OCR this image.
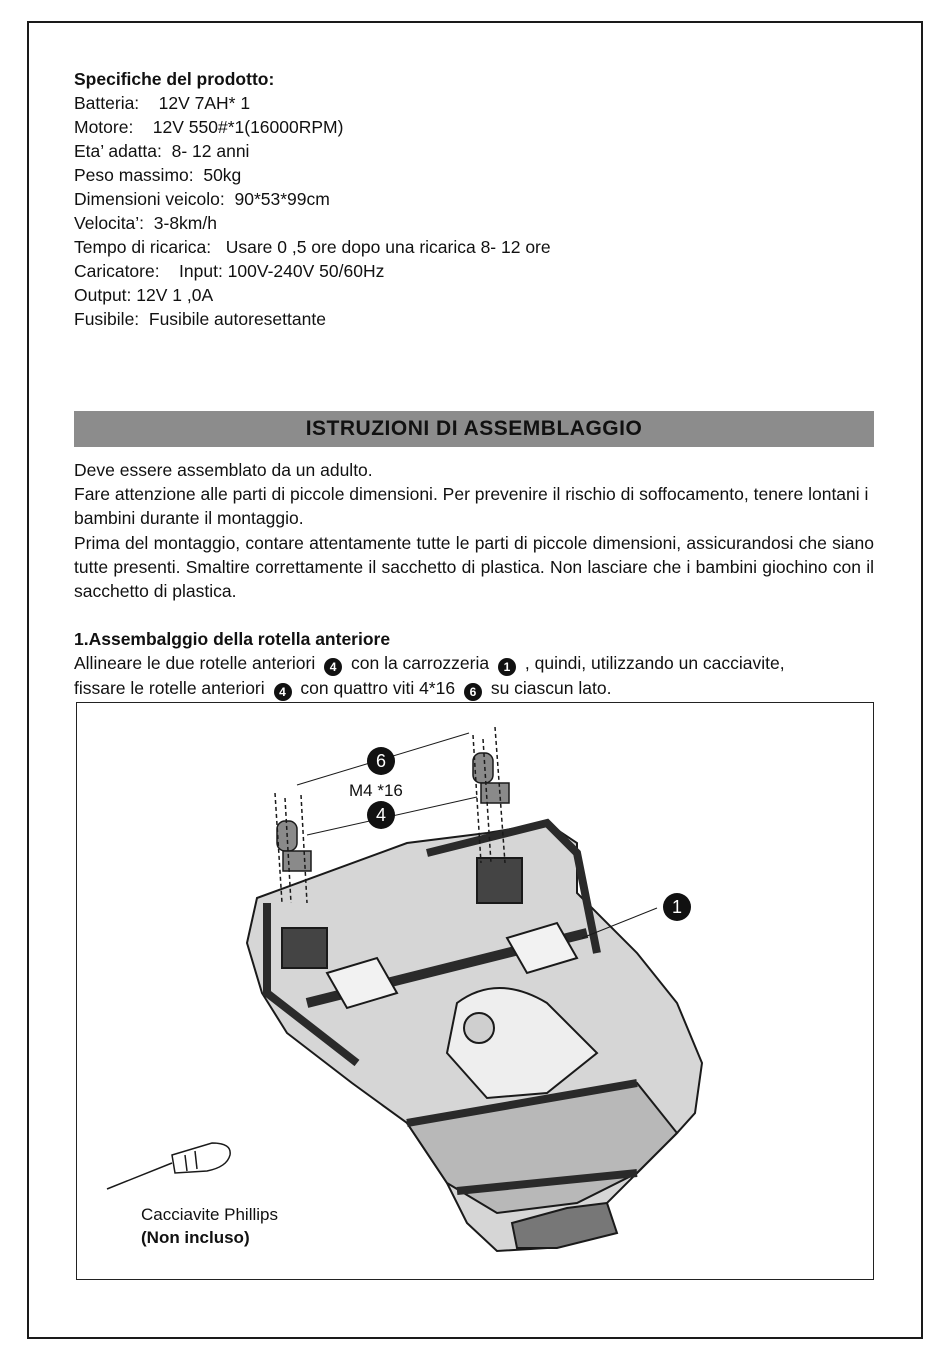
Specifiche del prodotto:
Batteria:    12V 7AH* 1
Motore:    12V 550#*1(16000RPM)
Eta’ adatta:  8- 12 anni
Peso massimo:  50kg
Dimensioni veicolo:  90*53*99cm
Velocita’:  3-8km/h
Tempo di ricarica:   Usare 0 ,5 ore dopo una ricarica 8- 12 ore
Caricatore:    Input: 100V-240V 50/60Hz
Output: 12V 1 ,0A
Fusibile:  Fusibile autoresettante
ISTRUZIONI DI ASSEMBLAGGIO

Deve essere assemblato da un adulto.

Fare attenzione alle parti di piccole dimensioni. Per prevenire il rischio di soffocamento, tenere lontani i bambini durante il montaggio.

Prima del montaggio, contare attentamente tutte le parti di piccole dimensioni, assicurandosi che siano tutte presenti. Smaltire correttamente il sacchetto di plastica. Non lasciare che i bambini giochino con il sacchetto di plastica.

1.Assembalggio della rotella anteriore
Allineare le due rotelle anteriori 4 con la carrozzeria 1 , quindi, utilizzando un cacciavite,
fissare le rotelle anteriori 4 con quattro viti 4*16 6 su ciascun lato.
6
M4 *16
4
1
Cacciavite Phillips
(Non incluso)
